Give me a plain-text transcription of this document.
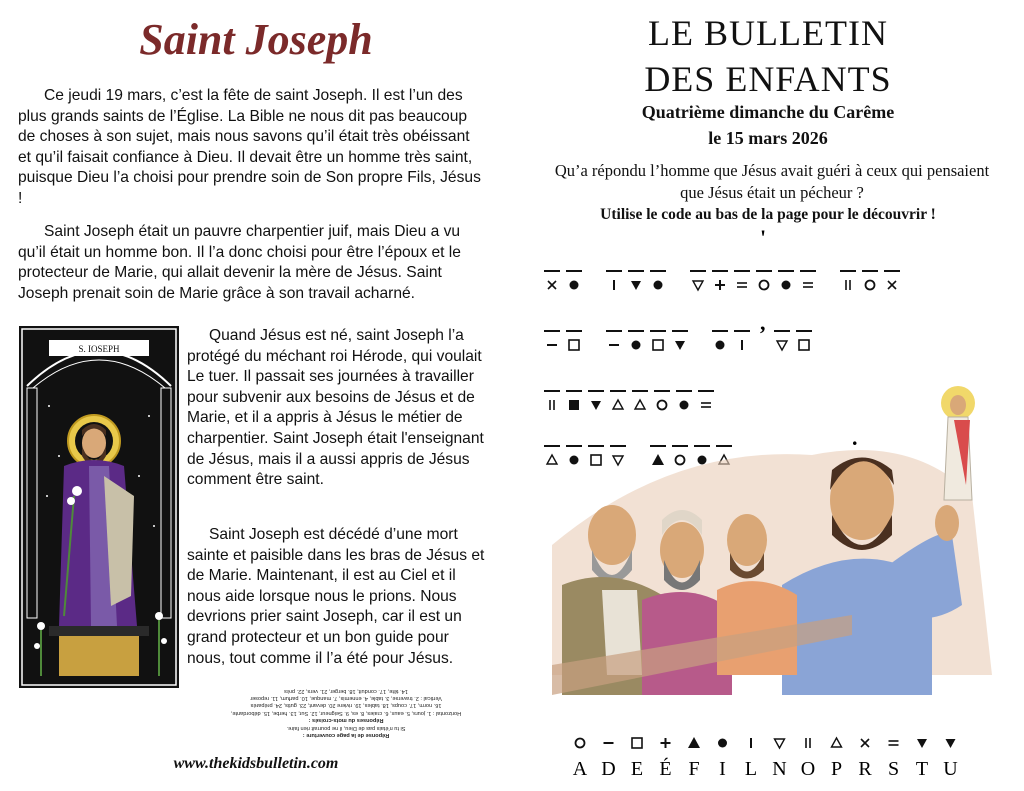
Saint Joseph

Ce jeudi 19 mars, c’est la fête de saint Joseph. Il est l’un des plus grands saints de l’Église. La Bible ne nous dit pas beaucoup de choses à son sujet, mais nous savons qu’il était très obéissant et qu’il faisait confiance à Dieu. Il devait être un homme très saint, puisque Dieu l’a choisi pour prendre soin de Son propre Fils, Jésus !

Saint Joseph était un pauvre charpentier juif, mais Dieu a vu qu’il était un homme bon. Il l’a donc choisi pour être l’époux et le protecteur de Marie, qui allait devenir la mère de Jésus. Saint Joseph prenait soin de Marie grâce à son travail acharné.

S. IOSEPH

Quand Jésus est né, saint Joseph l’a protégé du méchant roi Hérode, qui voulait Le tuer. Il passait ses journées à travailler pour subvenir aux besoins de Jésus et de Marie, et il a appris à Jésus le métier de charpentier. Saint Joseph était l'enseignant de Jésus, mais il a aussi appris de Jésus comment être saint.

Saint Joseph est décédé d’une mort sainte et paisible dans les bras de Jésus et de Marie. Maintenant, il est au Ciel et il nous aide lorsque nous le prions. Nous devrions prier saint Joseph, car il est un grand protecteur et un bon guide pour nous, tout comme il l’a été pour Jésus.

Réponse de la page couverture :
Si tu n'étais pas de Dieu, il ne pourrait rien faire.
Réponses du mots-croisés :
Horizontal : 1. jours, 5. eaux, 6. craies, 8. es, 9. Seigneur, 12. Sur, 13. herbe, 15. débordante,
16. norm, 17. coups, 18. tables, 19. riviere 20. devant, 23. gutis, 24. préparés
Vertical : 2. traverse, 3. table, 4. ennemis, 7. manque, 10. parfum, 11. reposer
14. tête, 17. conduit, 18. berger, 21. vers, 22. près
www.thekidsbulletin.com
LE BULLETIN
DES ENFANTS
Quatrième dimanche du Carême
le 15 mars 2026
Qu’a répondu l’homme que Jésus avait guéri à ceux qui pensaient que Jésus était un pécheur ?
Utilise le code au bas de la page pour le découvrir !
'
,
.
A D E É F I L N O P R S T U
